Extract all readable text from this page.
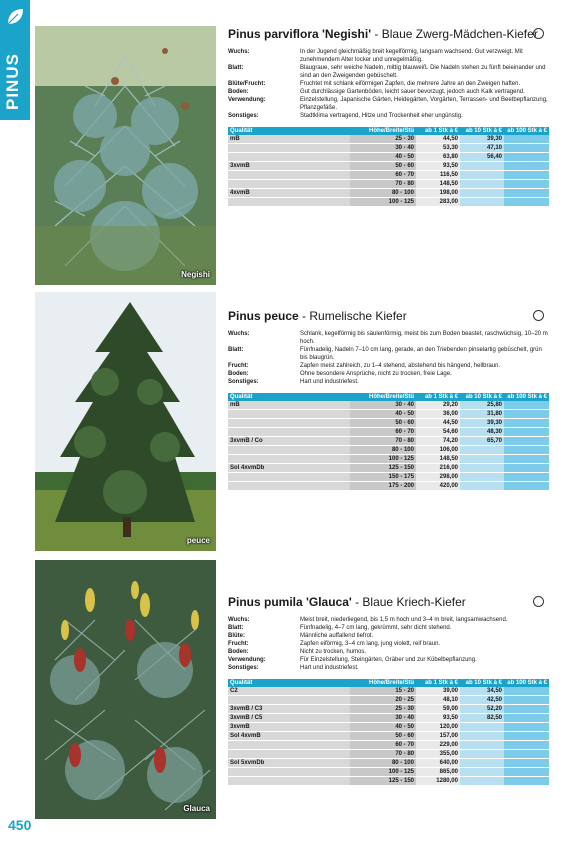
PINUS
Negishi
Pinus parviflora 'Negishi' - Blaue Zwerg-Mädchen-Kiefer
Wuchs:	In der Jugend gleichmäßig breit kegelförmig, langsam wachsend. Gut verzweigt. Mit zunehmendem Alter locker und unregelmäßig.
Blatt:	Blaugraue, sehr weiche Nadeln, mittig blauweiß. Die Nadeln stehen zu fünft beieinander und sind an den Zweigenden gebüschelt.
Blüte/Frucht:	Fruchtet mit schlank eiförmigen Zapfen, die mehrere Jahre an den Zweigen haften.
Boden:	Gut durchlässige Gartenböden, leicht sauer bevorzugt, jedoch auch Kalk vertragend.
Verwendung:	Einzelstellung, Japanische Gärten, Heidegärten, Vorgärten, Terrassen- und Beetbepflanzung, Pflanzgefäße.
Sonstiges:	Stadtklima vertragend, Hitze und Trockenheit eher ungünstig.
Qualität	Höhe/Breite/Stü	ab 1 Stk à €	ab 10 Stk à €	ab 100 Stk à €
mB	25 - 30	44,50	39,30	
	30 - 40	53,30	47,10	
	40 - 50	63,80	56,40	
3xvmB	50 - 60	93,50		
	60 - 70	116,50		
	70 - 80	148,50		
4xvmB	80 - 100	198,00		
	100 - 125	283,00		
peuce
Pinus peuce - Rumelische Kiefer
Wuchs:	Schlank, kegelförmig bis säulenförmig, meist bis zum Boden beastet, raschwüchsig, 10–20 m hoch.
Blatt:	Fünfnadelig, Nadeln 7–10 cm lang, gerade, an den Triebenden pinselartig gebüschelt, grün bis blaugrün.
Frucht:	Zapfen meist zahlreich, zu 1–4 stehend, abstehend bis hängend, hellbraun.
Boden:	Ohne besondere Ansprüche, nicht zu trocken, freie Lage.
Sonstiges:	Hart und industriefest.
Qualität	Höhe/Breite/Stü	ab 1 Stk à €	ab 10 Stk à €	ab 100 Stk à €
mB	30 - 40	29,20	25,80	
	40 - 50	36,00	31,80	
	50 - 60	44,50	39,30	
	60 - 70	54,60	48,30	
3xvmB / Co	70 - 80	74,20	65,70	
	80 - 100	106,00		
	100 - 125	148,50		
Sol 4xvmDb	125 - 150	216,00		
	150 - 175	298,00		
	175 - 200	420,00		
Glauca
Pinus pumila 'Glauca' - Blaue Kriech-Kiefer
Wuchs:	Meist breit, niederliegend, bis 1,5 m hoch und 3–4 m breit, langsamwachsend.
Blatt:	Fünfnadelig, 4–7 cm lang, gekrümmt, sehr dicht stehend.
Blüte:	Männliche auffallend tiefrot.
Frucht:	Zapfen eiförmig, 3–4 cm lang, jung violett, reif braun.
Boden:	Nicht zu trocken, humos.
Verwendung:	Für Einzelstellung, Steingärten, Gräber und zur Kübelbepflanzung.
Sonstiges:	Hart und industriefest.
Qualität	Höhe/Breite/Stü	ab 1 Stk à €	ab 10 Stk à €	ab 100 Stk à €
C2	15 - 20	39,00	34,50	
	20 - 25	48,10	42,50	
3xvmB / C3	25 - 30	59,00	52,20	
3xvmB / C5	30 - 40	93,50	82,50	
3xvmB	40 - 50	120,00		
Sol 4xvmB	50 - 60	157,00		
	60 - 70	229,00		
	70 - 80	355,00		
Sol 5xvmDb	80 - 100	640,00		
	100 - 125	865,00		
	125 - 150	1280,00		
450
